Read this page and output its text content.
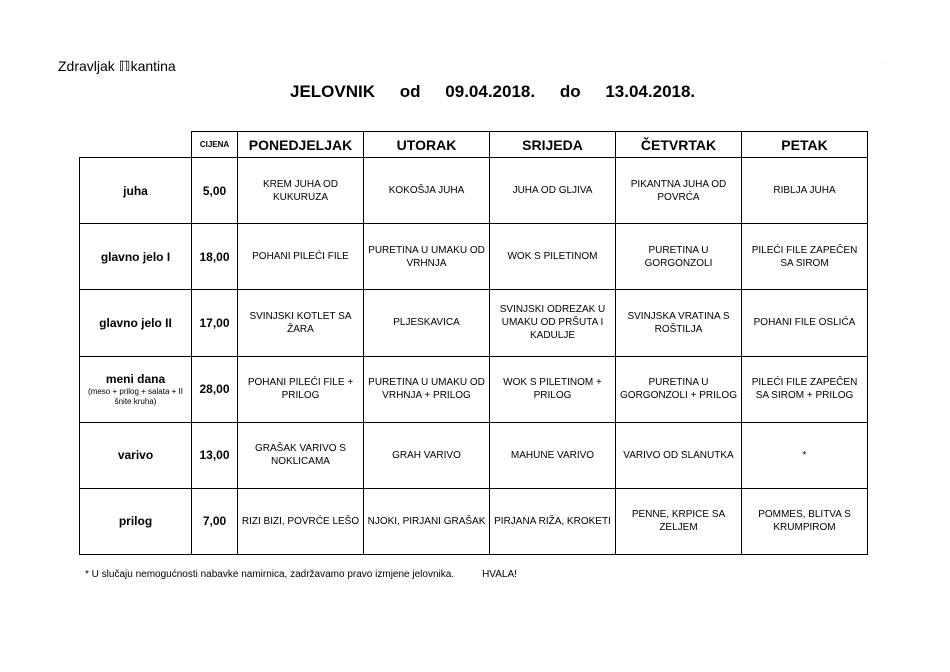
Zdravljak ℿkantina	·
JELOVNIK od 09.04.2018. do 13.04.2018.
	CIJENA	PONEDJELJAK	UTORAK	SRIJEDA	ČETVRTAK	PETAK
juha	5,00	KREM JUHA OD KUKURUZA	KOKOŠJA JUHA	JUHA OD GLJIVA	PIKANTNA JUHA OD POVRĆA	RIBLJA JUHA
glavno jelo I	18,00	POHANI PILEĆI FILE	PURETINA U UMAKU OD VRHNJA	WOK S PILETINOM	PURETINA U GORGONZOLI	PILEĆI FILE ZAPEČEN SA SIROM
glavno jelo II	17,00	SVINJSKI KOTLET SA ŽARA	PLJESKAVICA	SVINJSKI ODREZAK U UMAKU OD PRŠUTA I KADULJE	SVINJSKA VRATINA S ROŠTILJA	POHANI FILE OSLIĆA
meni dana
(meso + prilog + salata + II šnite kruha)	28,00	POHANI PILEĆI FILE + PRILOG	PURETINA U UMAKU OD VRHNJA + PRILOG	WOK S PILETINOM + PRILOG	PURETINA U GORGONZOLI + PRILOG	PILEĆI FILE ZAPEČEN SA SIROM + PRILOG
varivo	13,00	GRAŠAK VARIVO S NOKLICAMA	GRAH VARIVO	MAHUNE VARIVO	VARIVO OD SLANUTKA	*
prilog	7,00	RIZI BIZI, POVRĆE LEŠO	NJOKI, PIRJANI GRAŠAK	PIRJANA RIŽA, KROKETI	PENNE, KRPICE SA ZELJEM	POMMES, BLITVA S KRUMPIROM
* U slučaju nemogućnosti nabavke namirnica, zadržavamo pravo izmjene jelovnika.	HVALA!
